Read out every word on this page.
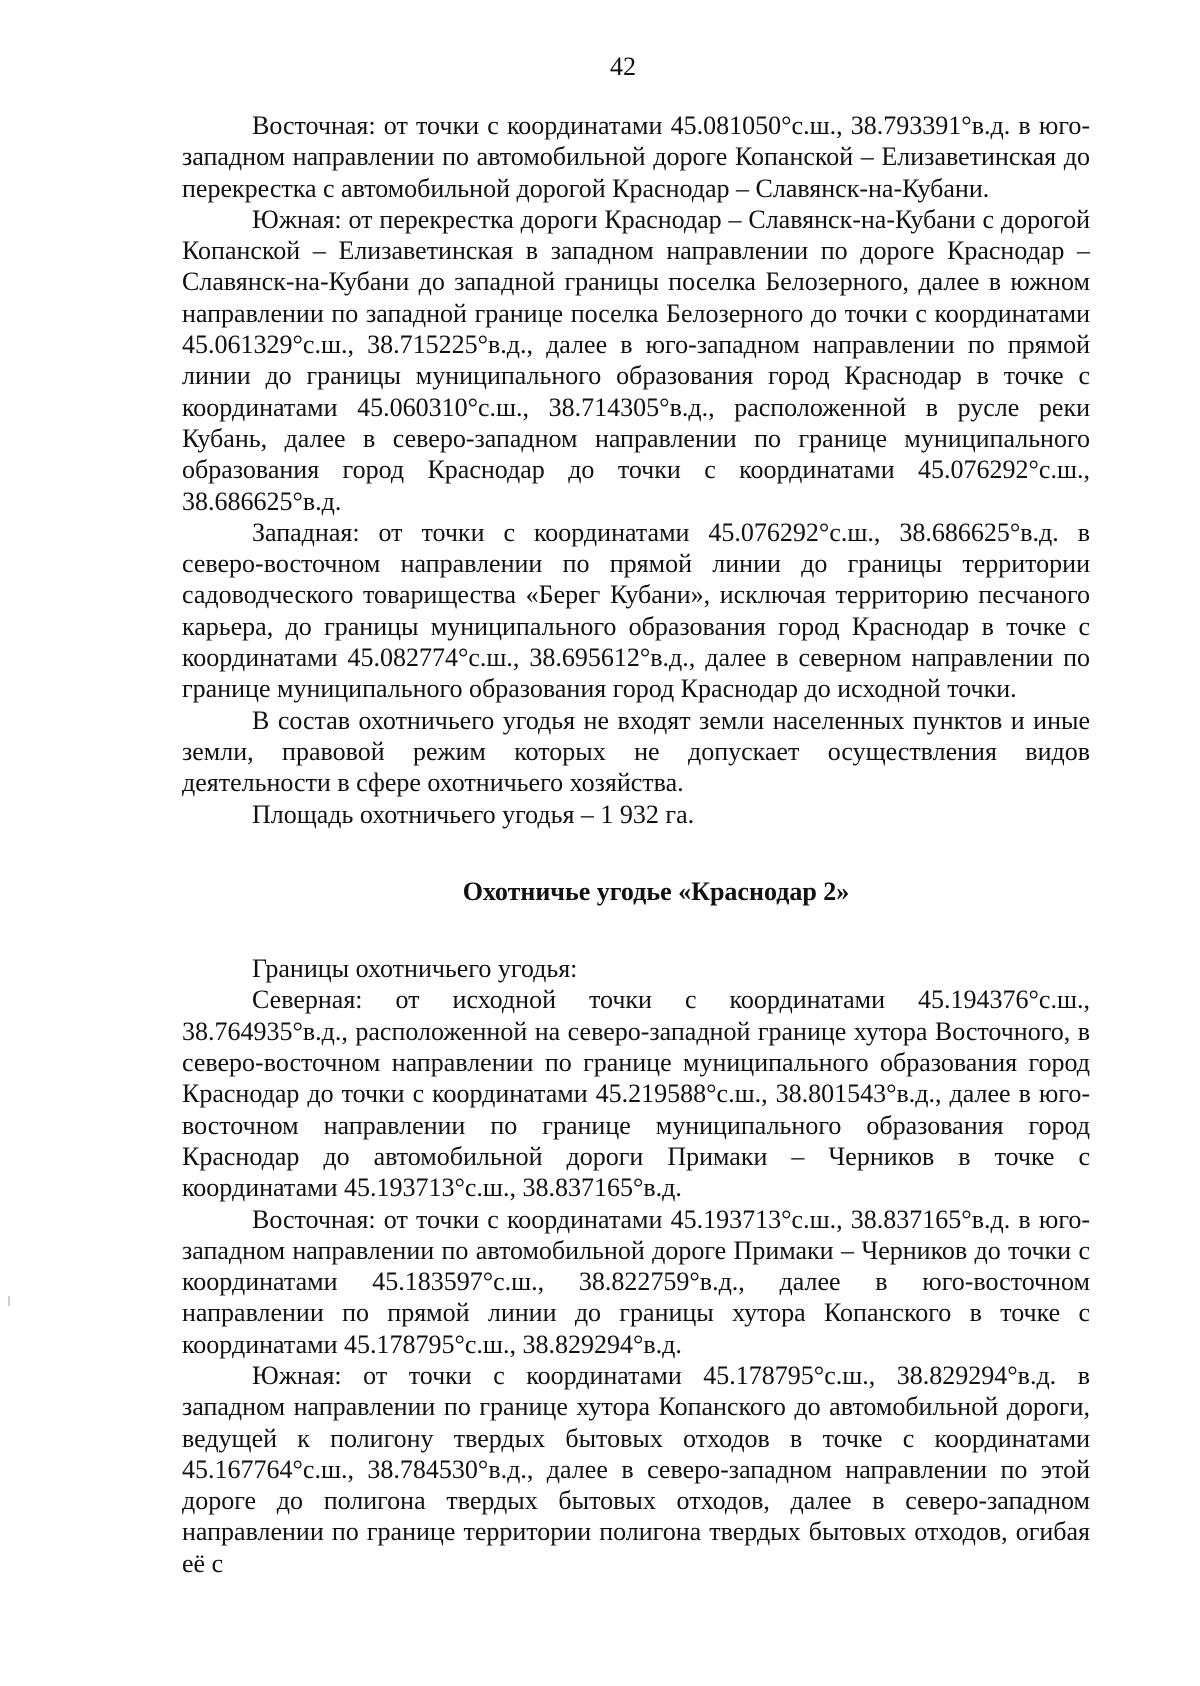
42

Восточная: от точки с координатами 45.081050°с.ш., 38.793391°в.д. в юго-западном направлении по автомобильной дороге Копанской – Елизаветинская до перекрестка с автомобильной дорогой Краснодар – Славянск-на-Кубани.

Южная: от перекрестка дороги Краснодар – Славянск-на-Кубани с дорогой Копанской – Елизаветинская в западном направлении по дороге Краснодар – Славянск-на-Кубани до западной границы поселка Белозерного, далее в южном направлении по западной границе поселка Белозерного до точки с координатами 45.061329°с.ш., 38.715225°в.д., далее в юго-западном направлении по прямой линии до границы муниципального образования город Краснодар в точке с координатами 45.060310°с.ш., 38.714305°в.д., расположенной в русле реки Кубань, далее в северо-западном направлении по границе муниципального образования город Краснодар до точки с координатами 45.076292°с.ш., 38.686625°в.д.

Западная: от точки с координатами 45.076292°с.ш., 38.686625°в.д. в северо-восточном направлении по прямой линии до границы территории садоводческого товарищества «Берег Кубани», исключая территорию песчаного карьера, до границы муниципального образования город Краснодар в точке с координатами 45.082774°с.ш., 38.695612°в.д., далее в северном направлении по границе муниципального образования город Краснодар до исходной точки.

В состав охотничьего угодья не входят земли населенных пунктов и иные земли, правовой режим которых не допускает осуществления видов деятельности в сфере охотничьего хозяйства.

Площадь охотничьего угодья – 1 932 га.

Охотничье угодье «Краснодар 2»

Границы охотничьего угодья:

Северная: от исходной точки с координатами 45.194376°с.ш., 38.764935°в.д., расположенной на северо-западной границе хутора Восточного, в северо-восточном направлении по границе муниципального образования город Краснодар до точки с координатами 45.219588°с.ш., 38.801543°в.д., далее в юго-восточном направлении по границе муниципального образования город Краснодар до автомобильной дороги Примаки – Черников в точке с координатами 45.193713°с.ш., 38.837165°в.д.

Восточная: от точки с координатами 45.193713°с.ш., 38.837165°в.д. в юго-западном направлении по автомобильной дороге Примаки – Черников до точки с координатами 45.183597°с.ш., 38.822759°в.д., далее в юго-восточном направлении по прямой линии до границы хутора Копанского в точке с координатами 45.178795°с.ш., 38.829294°в.д.

Южная: от точки с координатами 45.178795°с.ш., 38.829294°в.д. в западном направлении по границе хутора Копанского до автомобильной дороги, ведущей к полигону твердых бытовых отходов в точке с координатами 45.167764°с.ш., 38.784530°в.д., далее в северо-западном направлении по этой дороге до полигона твердых бытовых отходов, далее в северо-западном направлении по границе территории полигона твердых бытовых отходов, огибая её с
